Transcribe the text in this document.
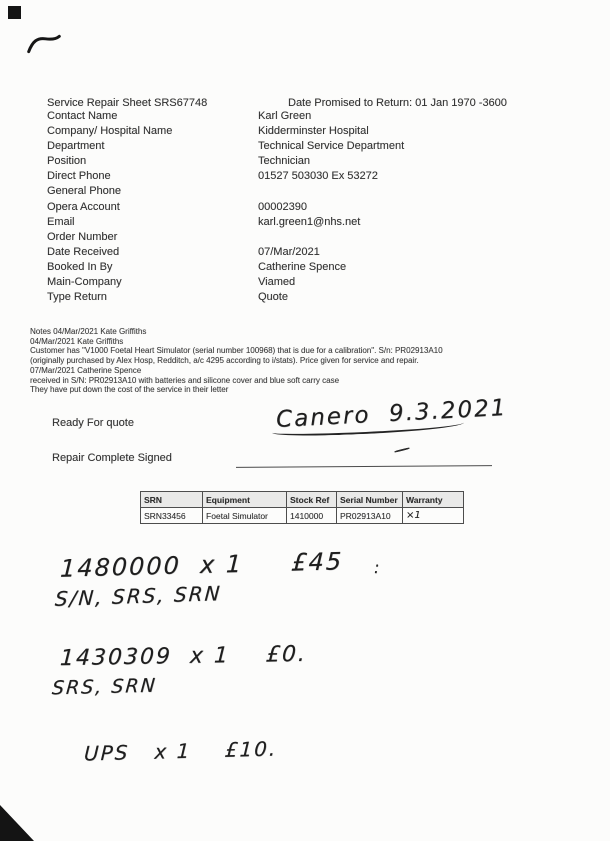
Service Repair Sheet SRS67748	Date Promised to Return: 01 Jan 1970 -3600
Contact Name	Karl Green
Company/ Hospital Name	Kidderminster Hospital
Department	Technical Service Department
Position	Technician
Direct Phone	01527 503030 Ex 53272
General Phone
Opera Account	00002390
Email	karl.green1@nhs.net
Order Number
Date Received	07/Mar/2021
Booked In By	Catherine Spence
Main-Company	Viamed
Type Return	Quote
Notes 04/Mar/2021 Kate Griffiths
04/Mar/2021 Kate Griffiths
Customer has "V1000 Foetal Heart Simulator (serial number 100968) that is due for a calibration". S/n: PR02913A10
(originally purchased by Alex Hosp, Redditch, a/c 4295 according to i/stats). Price given for service and repair.
07/Mar/2021 Catherine Spence
received in S/N: PR02913A10 with batteries and silicone cover and blue soft carry case
They have put down the cost of the service in their letter
Ready For quote	Canero  9.3.2021
Repair Complete Signed
SRN	Equipment	Stock Ref	Serial Number	Warranty
SRN33456	Foetal Simulator	1410000	PR02913A10	×1
1480000  x 1     £45 :
S/N, SRS, SRN
1430309  x 1    £0.
SRS, SRN
UPS   x 1    £10.
